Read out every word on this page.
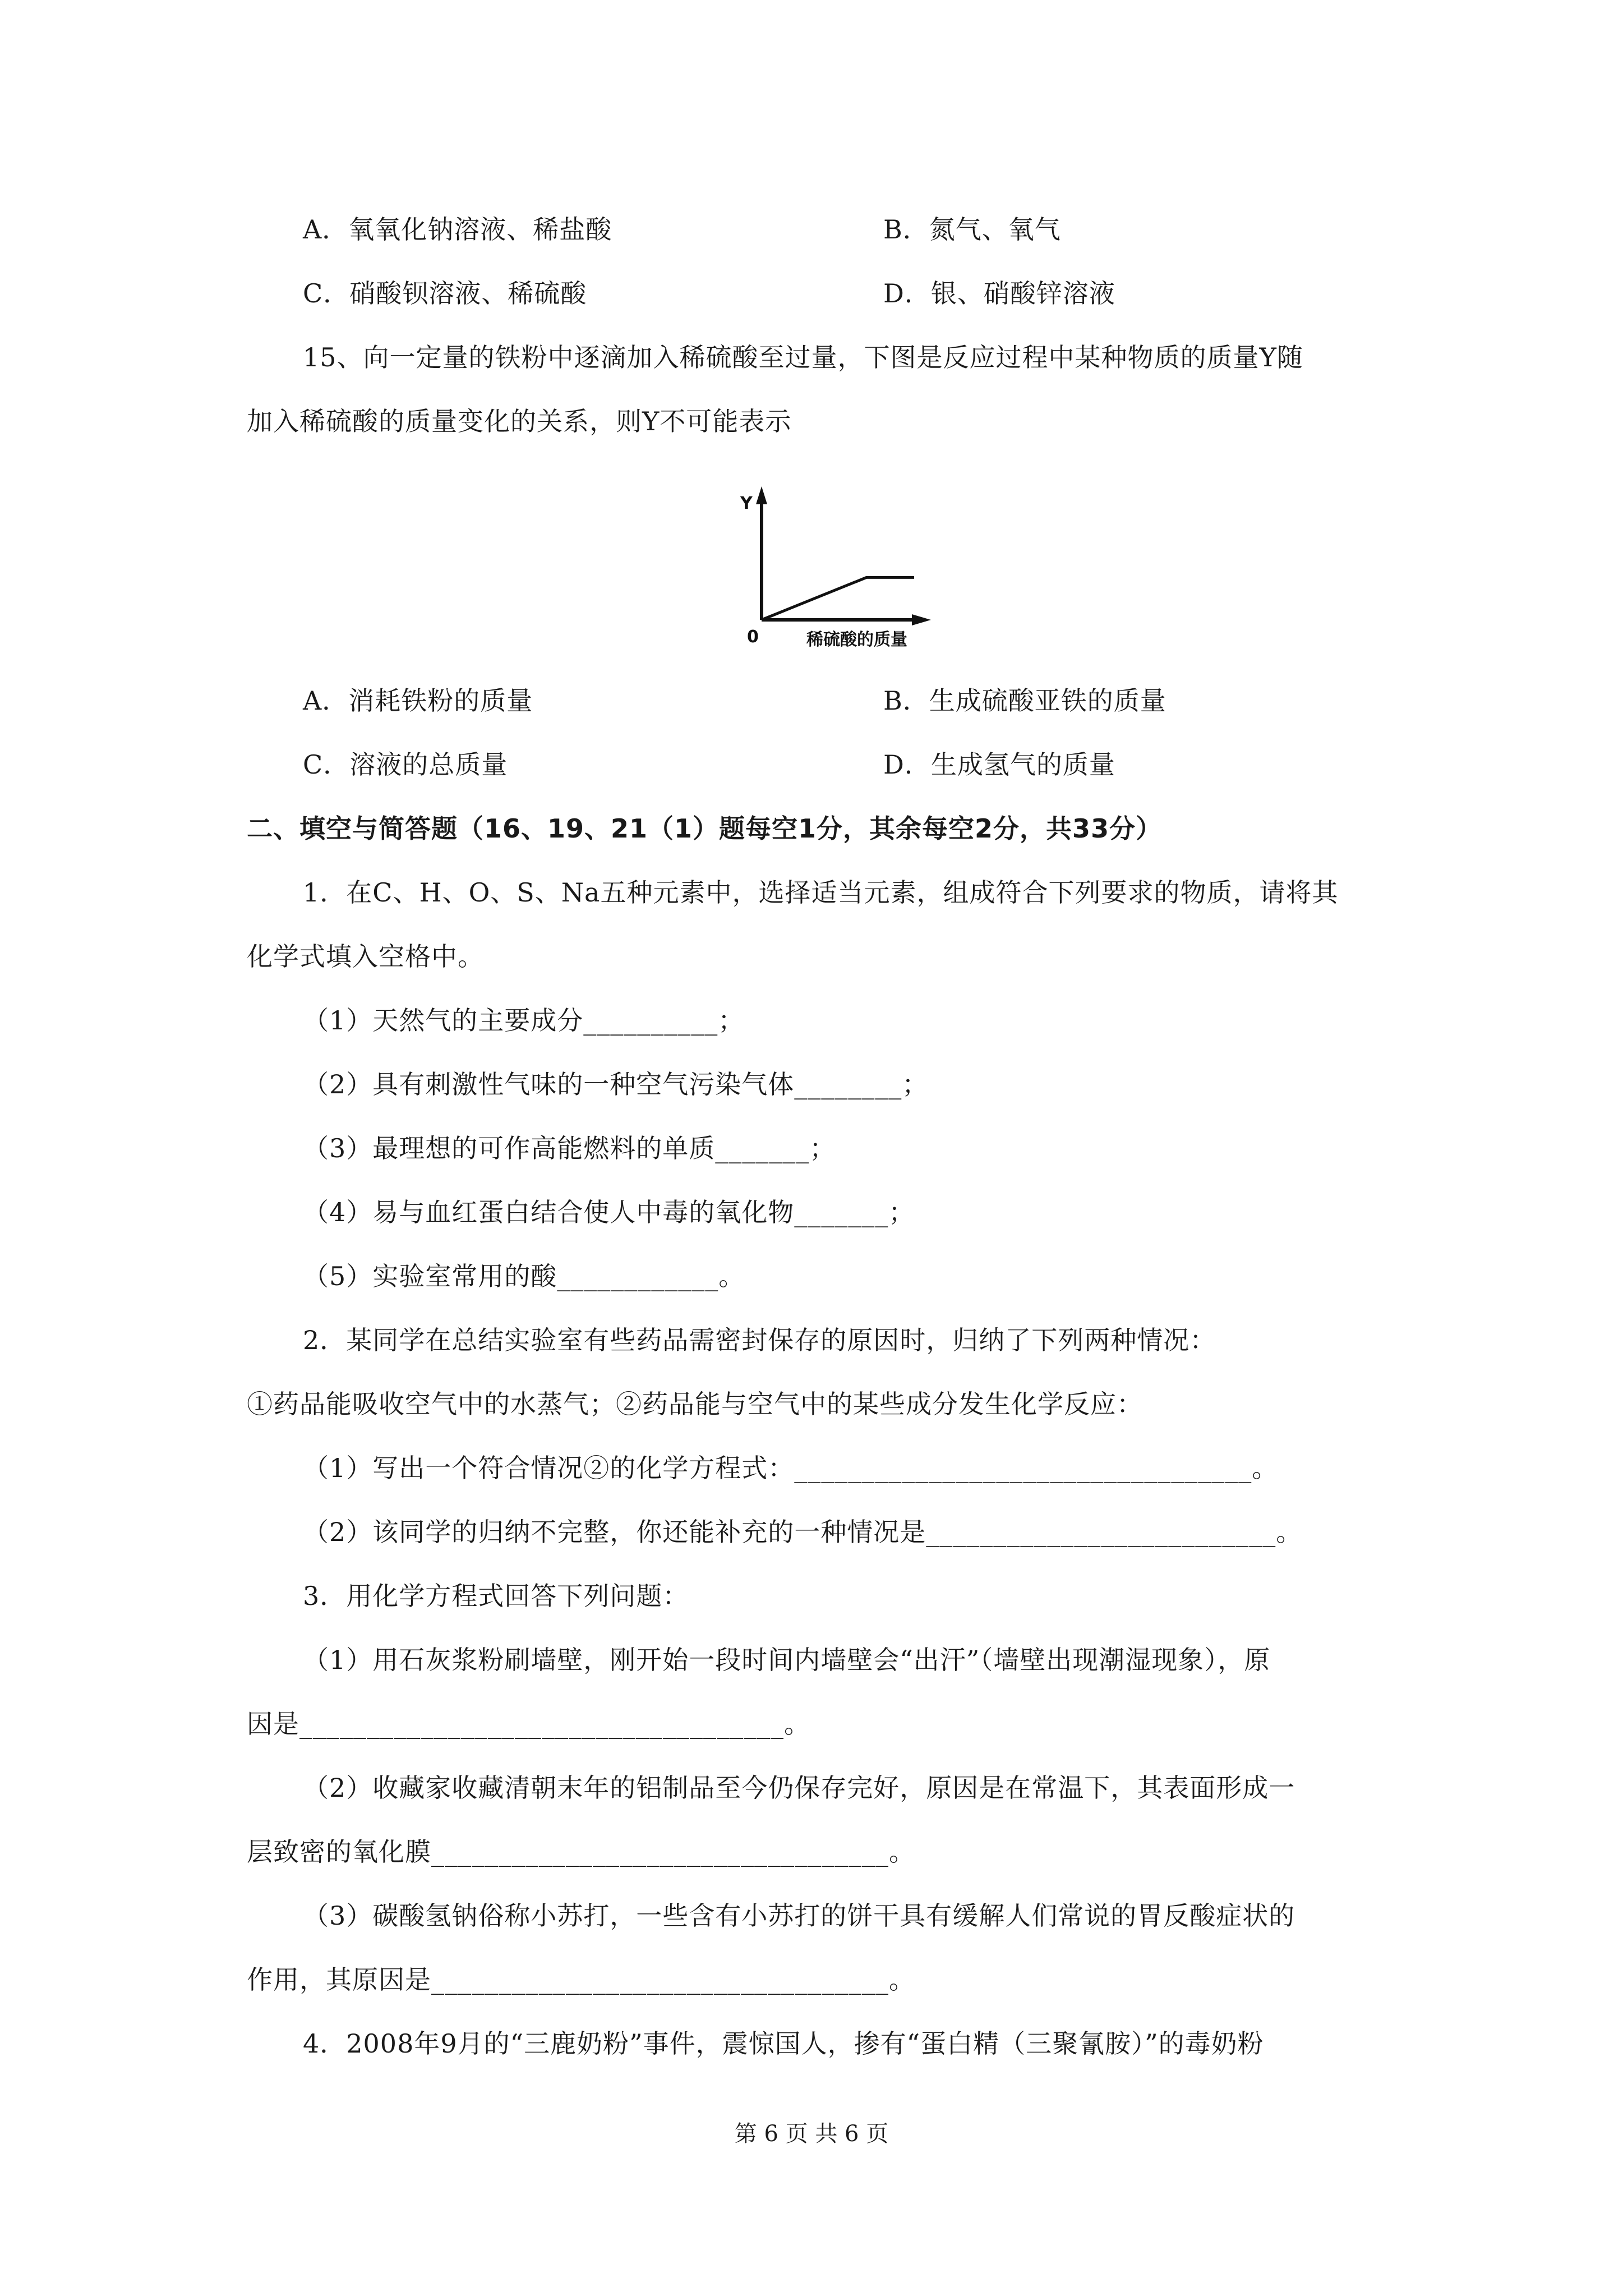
A．氧氧化钠溶液、稀盐酸	B．氮气、氧气
C．硝酸钡溶液、稀硫酸	D．银、硝酸锌溶液
15、向一定量的铁粉中逐滴加入稀硫酸至过量，下图是反应过程中某种物质的质量Y随
加入稀硫酸的质量变化的关系，则Y不可能表示
Y
0	稀硫酸的质量
A．消耗铁粉的质量	B．生成硫酸亚铁的质量
C．溶液的总质量	D．生成氢气的质量
二、填空与简答题（16、19、21（1）题每空1分，其余每空2分，共33分）
1．在C、H、O、S、Na五种元素中，选择适当元素，组成符合下列要求的物质，请将其
化学式填入空格中。
（1）天然气的主要成分__________；
（2）具有刺激性气味的一种空气污染气体________；
（3）最理想的可作高能燃料的单质_______；
（4）易与血红蛋白结合使人中毒的氧化物_______；
（5）实验室常用的酸____________。
2．某同学在总结实验室有些药品需密封保存的原因时，归纳了下列两种情况：
①药品能吸收空气中的水蒸气；②药品能与空气中的某些成分发生化学反应：
（1）写出一个符合情况②的化学方程式：__________________________________。
（2）该同学的归纳不完整，你还能补充的一种情况是__________________________。
3．用化学方程式回答下列问题：
（1）用石灰浆粉刷墙壁，刚开始一段时间内墙壁会“出汗”（墙壁出现潮湿现象），原
因是____________________________________。
（2）收藏家收藏清朝末年的铝制品至今仍保存完好，原因是在常温下，其表面形成一
层致密的氧化膜__________________________________。
（3）碳酸氢钠俗称小苏打，一些含有小苏打的饼干具有缓解人们常说的胃反酸症状的
作用，其原因是__________________________________。
4．2008年9月的“三鹿奶粉”事件，震惊国人，掺有“蛋白精（三聚氰胺）”的毒奶粉
第 6 页 共 6 页
